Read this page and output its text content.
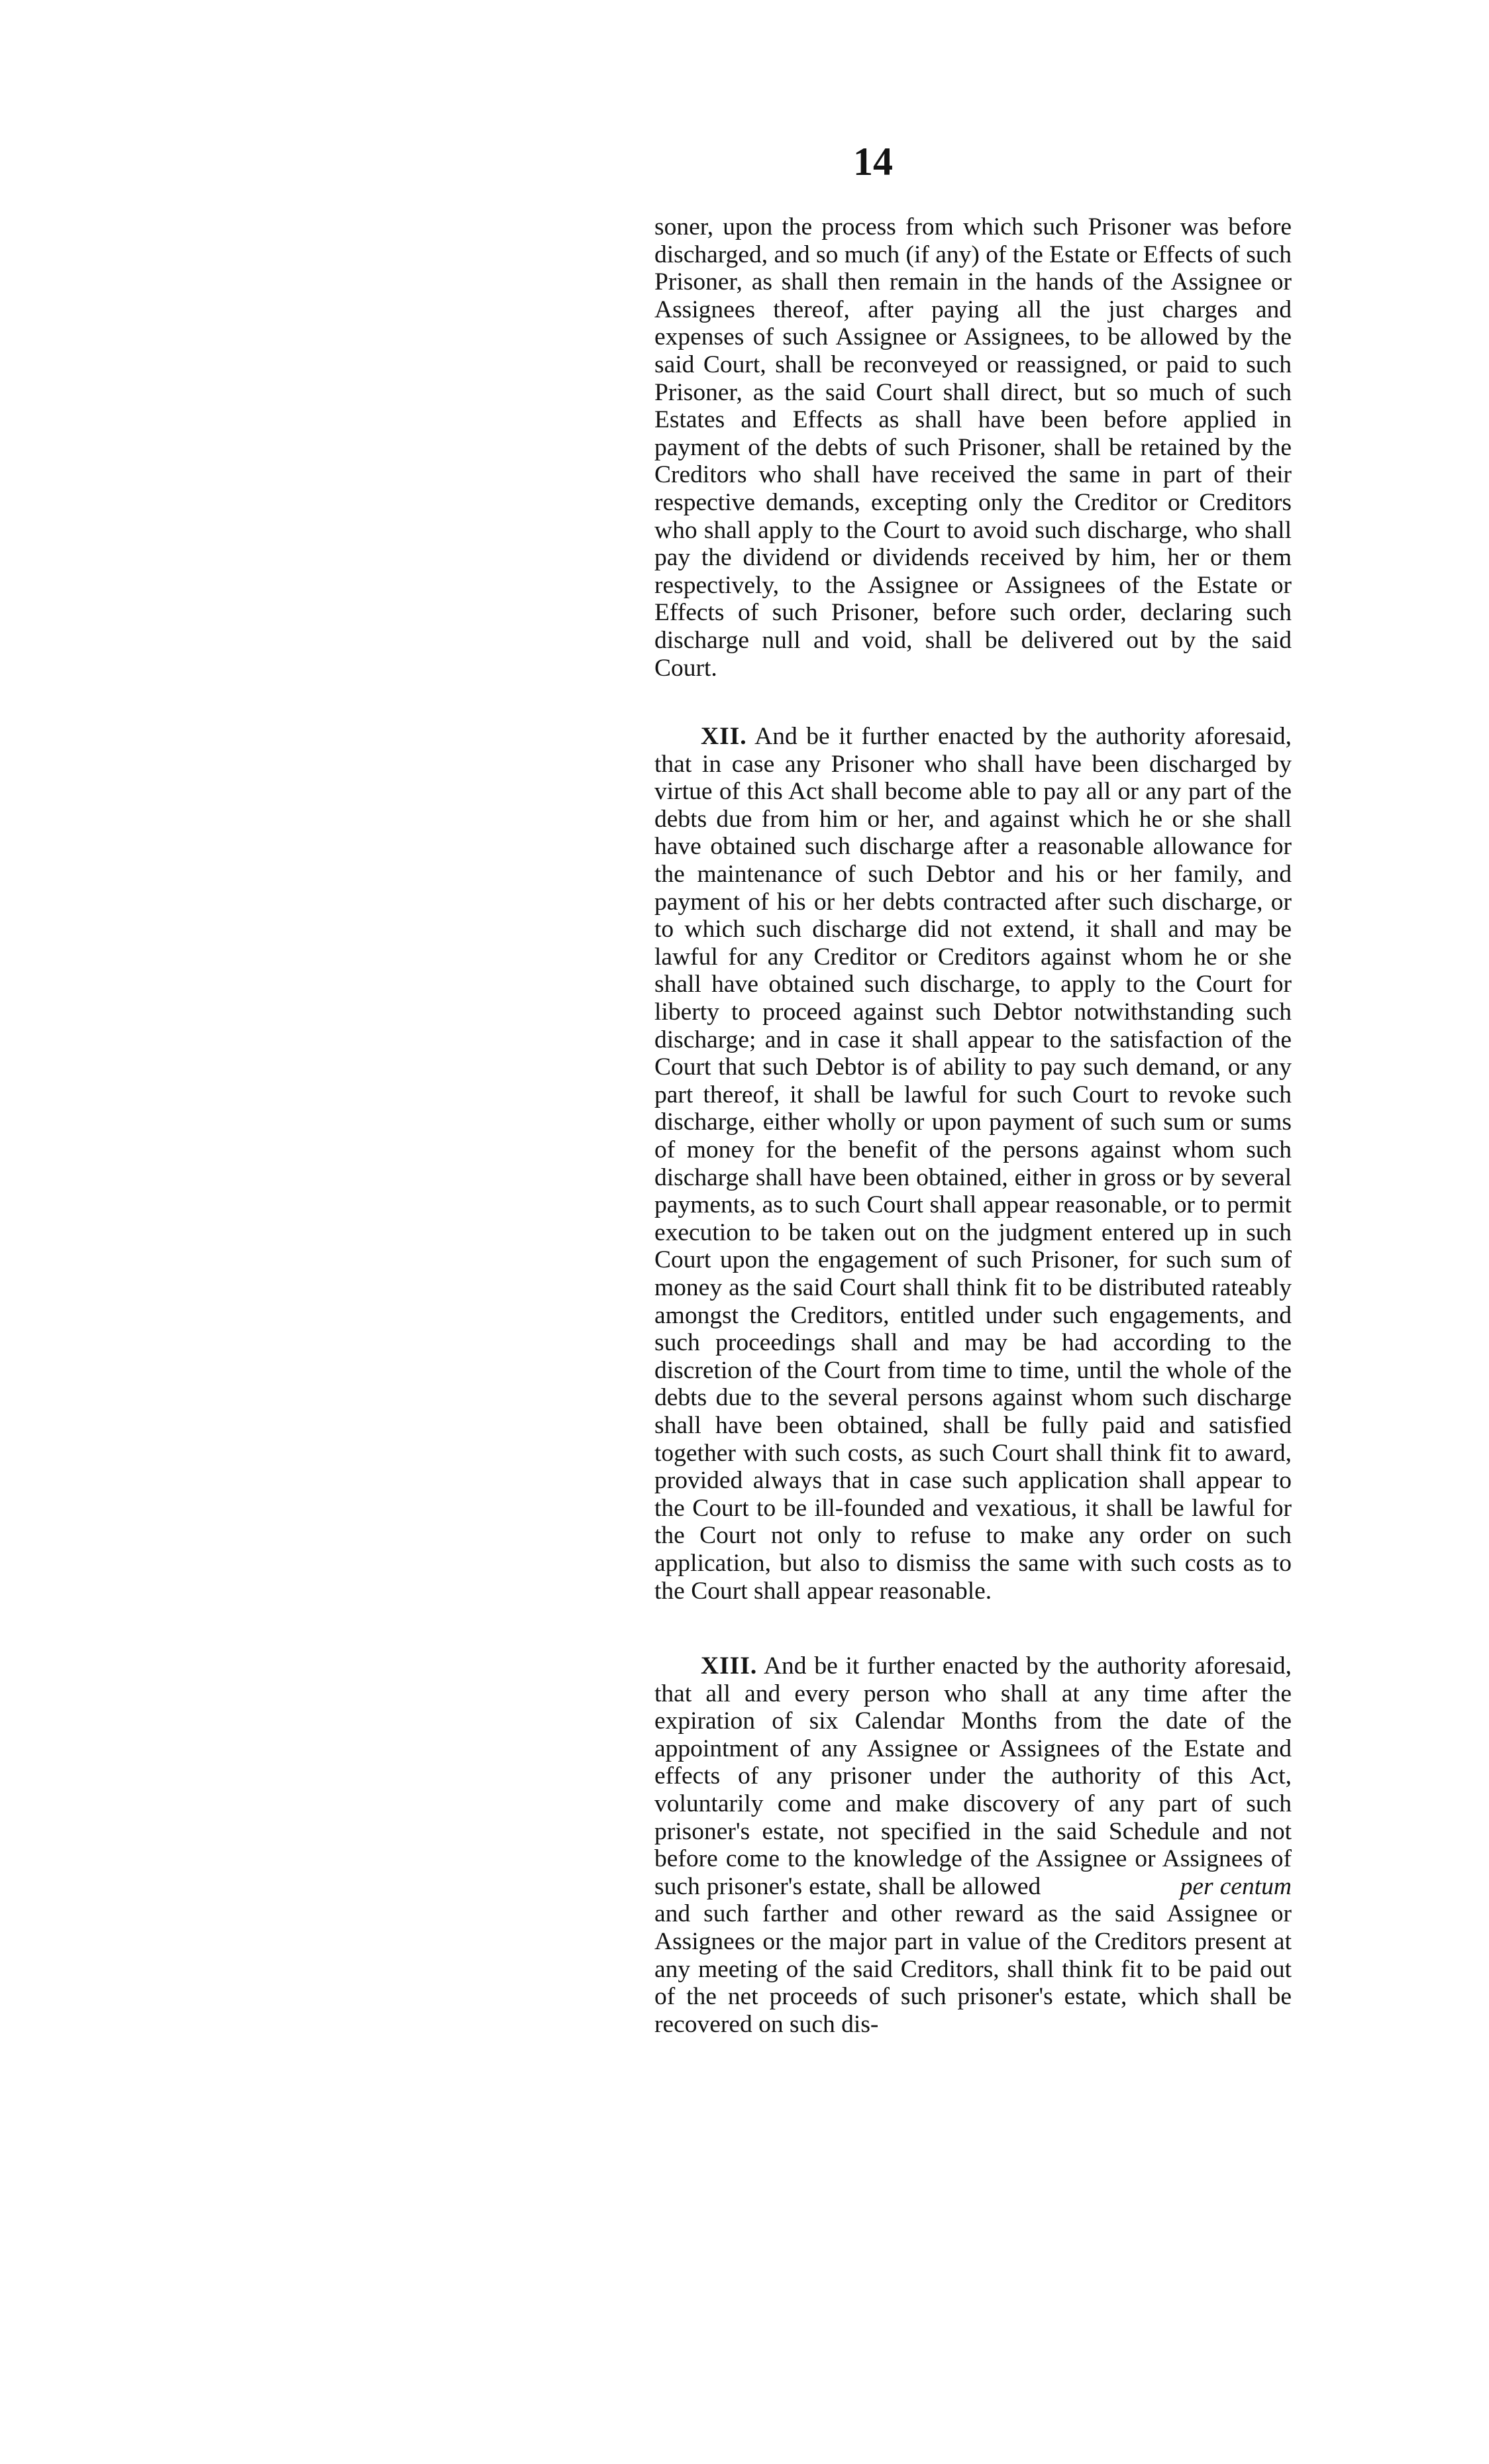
14

soner, upon the process from which such Prisoner was before discharged, and so much (if any) of the Estate or Effects of such Prisoner, as shall then remain in the hands of the Assignee or Assignees thereof, after paying all the just charges and expenses of such Assignee or Assignees, to be allowed by the said Court, shall be reconveyed or reassigned, or paid to such Prisoner, as the said Court shall direct, but so much of such Estates and Effects as shall have been before applied in payment of the debts of such Prisoner, shall be retained by the Creditors who shall have received the same in part of their respective demands, excepting only the Creditor or Creditors who shall apply to the Court to avoid such discharge, who shall pay the dividend or dividends received by him, her or them respectively, to the Assignee or Assignees of the Estate or Effects of such Prisoner, before such order, declaring such discharge null and void, shall be delivered out by the said Court.

XII. And be it further enacted by the authority aforesaid, that in case any Prisoner who shall have been discharged by virtue of this Act shall become able to pay all or any part of the debts due from him or her, and against which he or she shall have obtained such discharge after a reasonable allowance for the maintenance of such Debtor and his or her family, and payment of his or her debts contracted after such discharge, or to which such discharge did not extend, it shall and may be lawful for any Creditor or Creditors against whom he or she shall have obtained such discharge, to apply to the Court for liberty to proceed against such Debtor notwithstanding such discharge; and in case it shall appear to the satisfaction of the Court that such Debtor is of ability to pay such demand, or any part thereof, it shall be lawful for such Court to revoke such discharge, either wholly or upon payment of such sum or sums of money for the benefit of the persons against whom such discharge shall have been obtained, either in gross or by several payments, as to such Court shall appear reasonable, or to permit execution to be taken out on the judgment entered up in such Court upon the engagement of such Prisoner, for such sum of money as the said Court shall think fit to be distributed rateably amongst the Creditors, entitled under such engagements, and such proceedings shall and may be had according to the discretion of the Court from time to time, until the whole of the debts due to the several persons against whom such discharge shall have been obtained, shall be fully paid and satisfied together with such costs, as such Court shall think fit to award, provided always that in case such application shall appear to the Court to be ill-founded and vexatious, it shall be lawful for the Court not only to refuse to make any order on such application, but also to dismiss the same with such costs as to the Court shall appear reasonable.

XIII. And be it further enacted by the authority aforesaid, that all and every person who shall at any time after the expiration of six Calendar Months from the date of the appointment of any Assignee or Assignees of the Estate and effects of any prisoner under the authority of this Act, voluntarily come and make discovery of any part of such prisoner's estate, not specified in the said Schedule and not before come to the knowledge of the Assignee or Assignees of such prisoner's estate, shall be allowed	per centum and such farther and other reward as the said Assignee or Assignees or the major part in value of the Creditors present at any meeting of the said Creditors, shall think fit to be paid out of the net proceeds of such prisoner's estate, which shall be recovered on such dis-
